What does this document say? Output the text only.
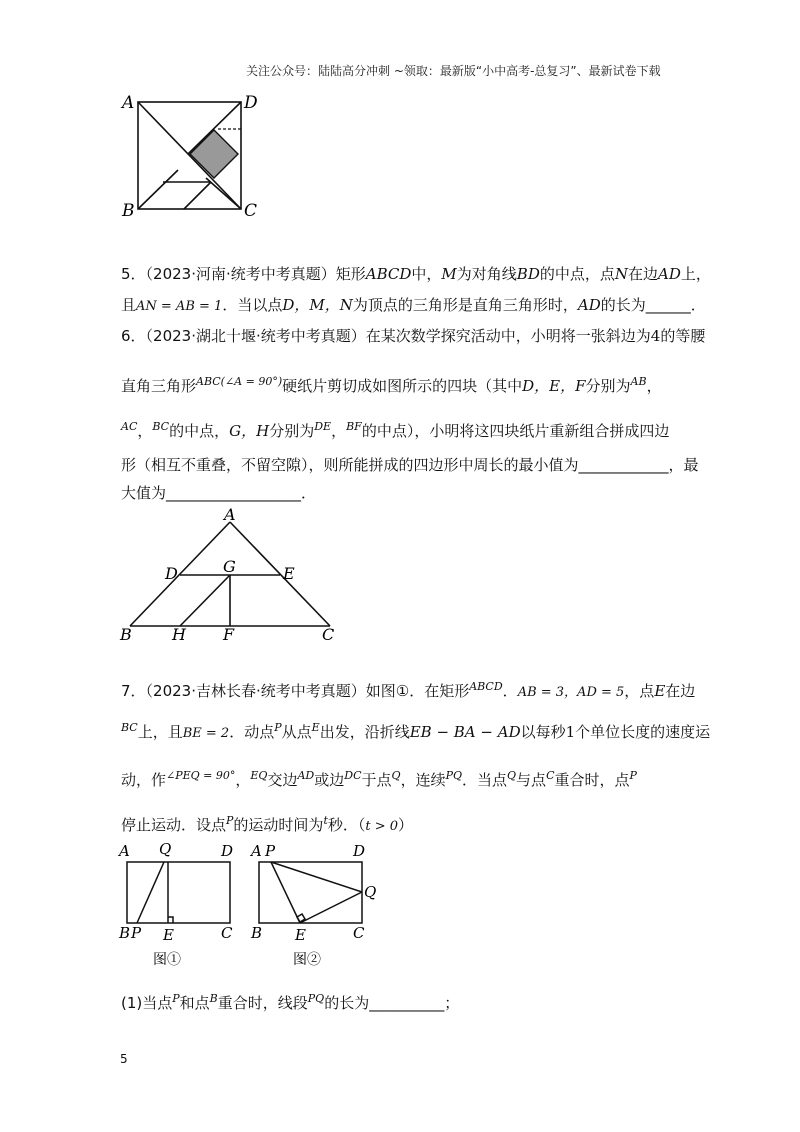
关注公众号：陆陆高分冲刺 ~领取：最新版“小中高考-总复习”、最新试卷下载
A	D
B	C
5．（2023·河南·统考中考真题）矩形ABCD中，M为对角线BD的中点，点N在边AD上，
且AN = AB = 1．当以点D，M，N为顶点的三角形是直角三角形时，AD的长为______．
6．（2023·湖北十堰·统考中考真题）在某次数学探究活动中，小明将一张斜边为4的等腰
直角三角形$^{ABC(\angle A = 90^\circ)}$硬纸片剪切成如图所示的四块（其中D，E，F分别为$^{AB}$，
$^{AC}$，$^{BC}$的中点，G，H分别为$^{DE}$，$^{BF}$的中点），小明将这四块纸片重新组合拼成四边
形（相互不重叠，不留空隙），则所能拼成的四边形中周长的最小值为____________，最
大值为__________________．
A
D	G	E
B	H F	C
7．（2023·吉林长春·统考中考真题）如图①．在矩形$^{ABCD}$．AB = 3，AD = 5，点E在边
$^{BC}$上，且BE = 2．动点$^P$从点$^E$出发，沿折线EB − BA − AD以每秒1个单位长度的速度运
动，作$^{\angle PEQ = 90^\circ}$，$^{EQ}$交边$^{AD}$或边$^{DC}$于点$^Q$，连续$^{PQ}$．当点$^Q$与点$^C$重合时，点$^P$
停止运动．设点$^P$的运动时间为$^t$秒．（t > 0）
A Q	D
B P E	C
图①
A P	D
Q
B E	C
图②
(1)当点$^P$和点$^B$重合时，线段$^{PQ}$的长为__________；
5
